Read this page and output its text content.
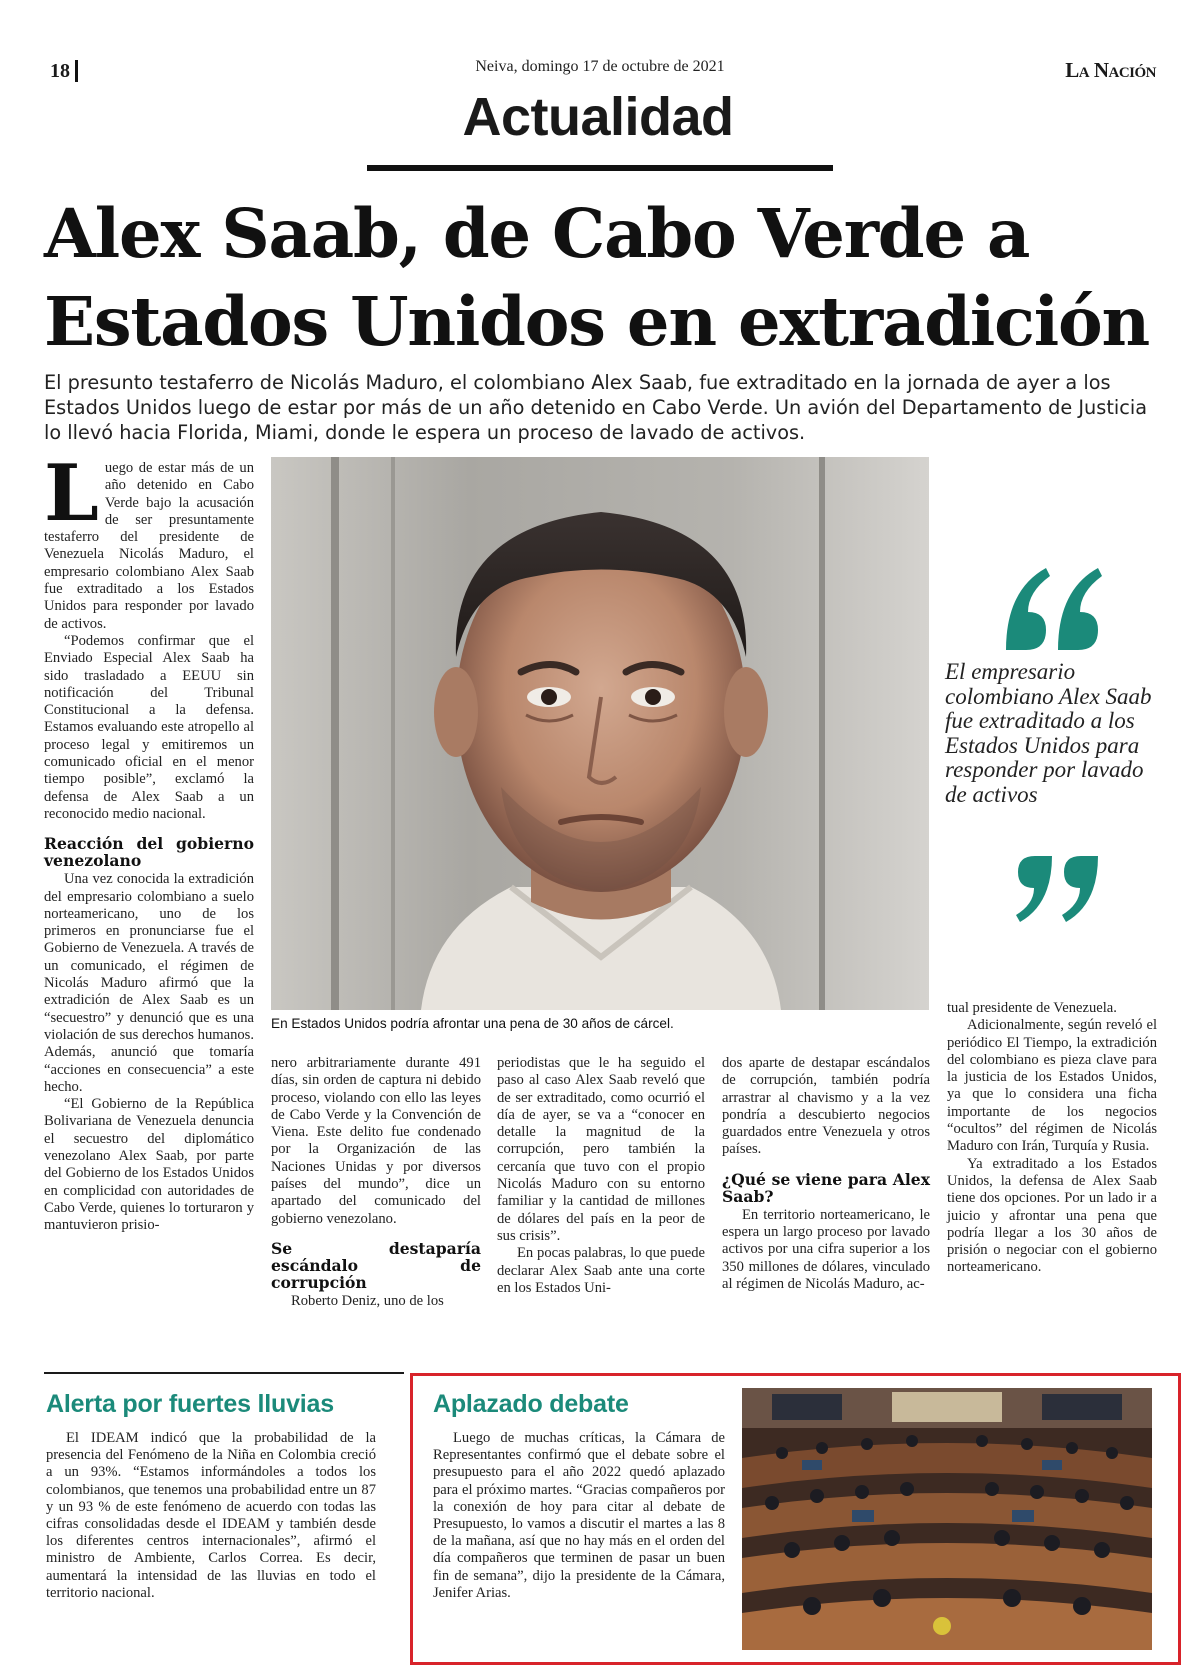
18	Neiva, domingo 17 de octubre de 2021	La Nación
Actualidad
Alex Saab, de Cabo Verde a
Estados Unidos en extradición
El presunto testaferro de Nicolás Maduro, el colombiano Alex Saab, fue extraditado en la jornada de ayer a los Estados Unidos luego de estar por más de un año detenido en Cabo Verde. Un avión del Departamento de Justicia lo llevó hacia Florida, Miami, donde le espera un proceso de lavado de activos.
L uego de estar más de un año detenido en Cabo Verde bajo la acusación de ser presuntamente testaferro del presidente de Venezuela Nicolás Maduro, el empresario colombiano Alex Saab fue extraditado a los Estados Unidos para responder por lavado de activos.

“Podemos confirmar que el Enviado Especial Alex Saab ha sido trasladado a EEUU sin notificación del Tribunal Constitucional a la defensa. Estamos evaluando este atropello al proceso legal y emitiremos un comunicado oficial en el menor tiempo posible”, exclamó la defensa de Alex Saab a un reconocido medio nacional.

Reacción del gobierno venezolano

Una vez conocida la extradición del empresario colombiano a suelo norteamericano, uno de los primeros en pronunciarse fue el Gobierno de Venezuela. A través de un comunicado, el régimen de Nicolás Maduro afirmó que la extradición de Alex Saab es un “secuestro” y denunció que es una violación de sus derechos humanos. Además, anunció que tomaría “acciones en consecuencia” a este hecho.

“El Gobierno de la República Bolivariana de Venezuela denuncia el secuestro del diplomático venezolano Alex Saab, por parte del Gobierno de los Estados Unidos en complicidad con autoridades de Cabo Verde, quienes lo torturaron y mantuvieron prisio-

En Estados Unidos podría afrontar una pena de 30 años de cárcel.
El empresario colombiano Alex Saab fue extraditado a los Estados Unidos para responder por lavado de activos

nero arbitrariamente durante 491 días, sin orden de captura ni debido proceso, violando con ello las leyes de Cabo Verde y la Convención de Viena. Este delito fue condenado por la Organización de las Naciones Unidas y por diversos países del mundo”, dice un apartado del comunicado del gobierno venezolano.

Se destaparía escándalo de corrupción

Roberto Deniz, uno de los

periodistas que le ha seguido el paso al caso Alex Saab reveló que de ser extraditado, como ocurrió el día de ayer, se va a “conocer en detalle la magnitud de la corrupción, pero también la cercanía que tuvo con el propio Nicolás Maduro con su entorno familiar y la cantidad de millones de dólares del país en la peor de sus crisis”.

En pocas palabras, lo que puede declarar Alex Saab ante una corte en los Estados Uni-

dos aparte de destapar escándalos de corrupción, también podría arrastrar al chavismo y a la vez pondría a descubierto negocios guardados entre Venezuela y otros países.

¿Qué se viene para Alex Saab?

En territorio norteamericano, le espera un largo proceso por lavado activos por una cifra superior a los 350 millones de dólares, vinculado al régimen de Nicolás Maduro, ac-

tual presidente de Venezuela.

Adicionalmente, según reveló el periódico El Tiempo, la extradición del colombiano es pieza clave para la justicia de los Estados Unidos, ya que lo considera una ficha importante de los negocios “ocultos” del régimen de Nicolás Maduro con Irán, Turquía y Rusia.

Ya extraditado a los Estados Unidos, la defensa de Alex Saab tiene dos opciones. Por un lado ir a juicio y afrontar una pena que podría llegar a los 30 años de prisión o negociar con el gobierno norteamericano.

Alerta por fuertes lluvias

El IDEAM indicó que la probabilidad de la presencia del Fenómeno de la Niña en Colombia creció a un 93%. “Estamos informándoles a todos los colombianos, que tenemos una probabilidad entre un 87 y un 93 % de este fenómeno de acuerdo con todas las cifras consolidadas desde el IDEAM y también desde los diferentes centros internacionales”, afirmó el ministro de Ambiente, Carlos Correa. Es decir, aumentará la intensidad de las lluvias en todo el territorio nacional.

Aplazado debate

Luego de muchas críticas, la Cámara de Representantes confirmó que el debate sobre el presupuesto para el año 2022 quedó aplazado para el próximo martes. “Gracias compañeros por la conexión de hoy para citar al debate de Presupuesto, lo vamos a discutir el martes a las 8 de la mañana, así que no hay más en el orden del día compañeros que terminen de pasar un buen fin de semana”, dijo la presidente de la Cámara, Jenifer Arias.
